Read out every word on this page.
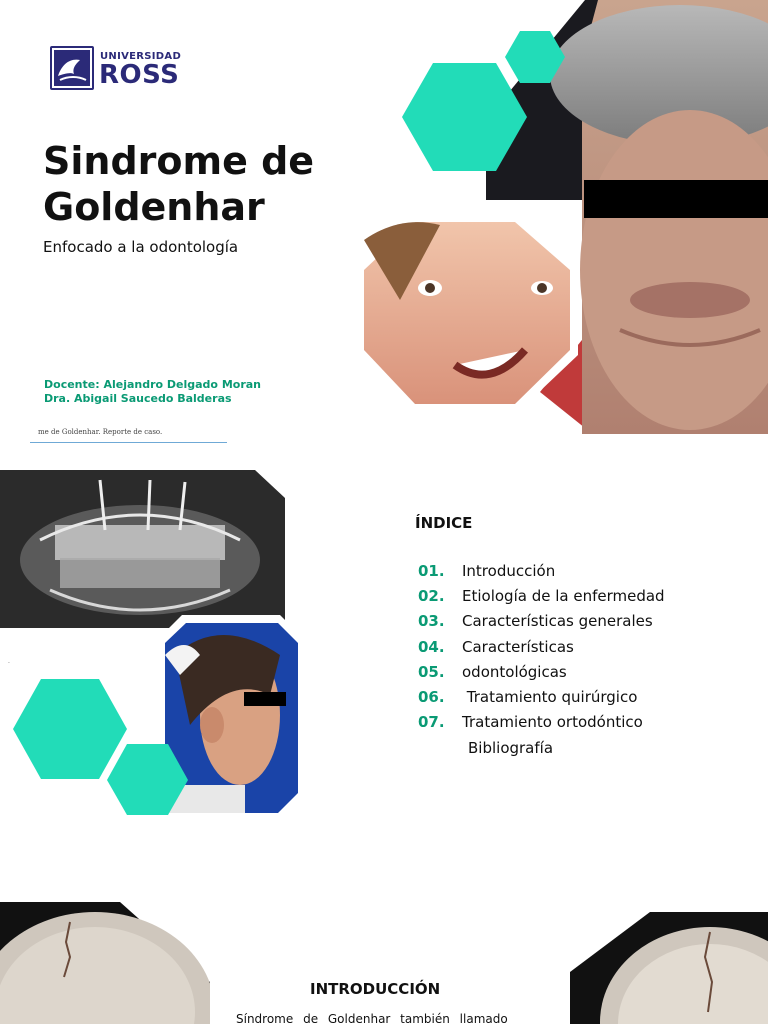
UNIVERSIDAD
ROSS
Sindrome de
Goldenhar
Enfocado a la odontología
Docente: Alejandro Delgado Moran
Dra. Abigail Saucedo Balderas
me de Goldenhar. Reporte de caso.
·
ÍNDICE
01.	Introducción
02.	Etiología de la enfermedad
03.	Características generales
04.	Características
05.	odontológicas
06.	Tratamiento quirúrgico
07.	Tratamiento ortodóntico
Bibliografía
INTRODUCCIÓN
Síndrome de Goldenhar también llamado
